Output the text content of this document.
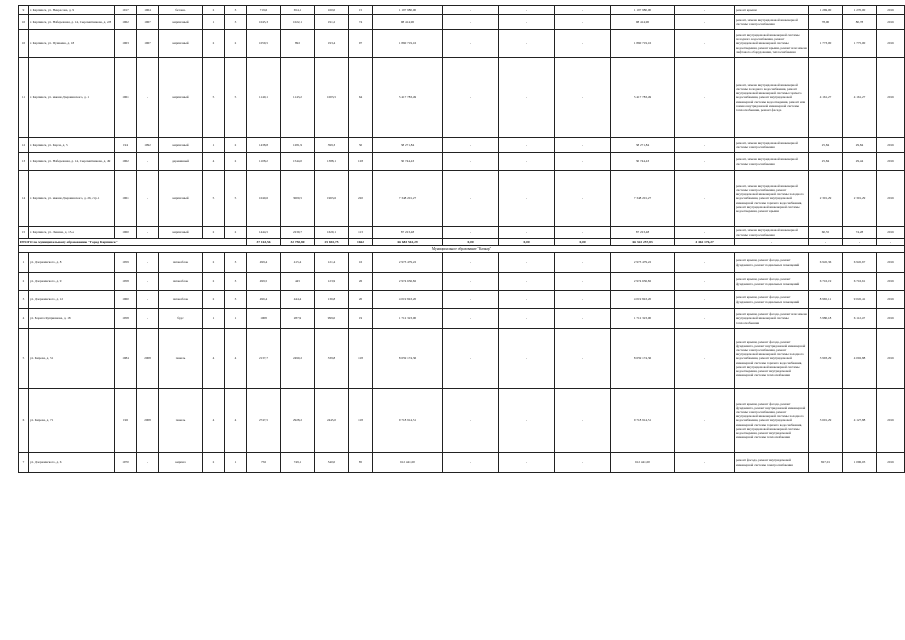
9	г. Карпинск, ул. Некрасова, д. 9	1917	1964	бетонн.	2	3	719,6	654,1	160,0	15	1 197 980,00	-	-	-	1 197 980,00	-	ремонт крыши	1 269,00	1 270,00	2016
10	г. Карпинск, ул. Набережная, д. 14, Сыромятникова, д. 2/8	1962	1967	кирпичный	1	3	1045,3	1022,1	191,2	74	98 414,90	-	-	-	98 414,90	-	ремонт, замена внутридомовой инженерной системы электроснабжения	78,00	80,78	2016
10	г. Карпинск, ул. Пушкина, д. 18	1963	1967	кирпичный	2	2	1059,5	892	193,4	97	1 860 719,16	-	-	-	1 860 719,16	-	ремонт внутридомовой инженерной системы холодного водоснабжения, ремонт внутридомовой инженерной системы водоотведения, ремонт крыши, ремонт или замена лифтового оборудования, теплоснабжения	1 773,00	1 775,00	2016
11	г. Карпинск, ул. имени Дзержинского, д. 1	1961	-	кирпичный	5	5	1140,1	1143,2	1003,5	64	5 417 783,49	-	-	-	5 417 783,49	-	ремонт, замена внутридомовой инженерной системы холодного водоснабжения, ремонт внутридомовой инженерной системы горячего водоснабжения, ремонт внутридомовой инженерной системы водоотведения, ремонт или замена внутридомовой инженерной системы теплоснабжения, ремонт фасада	4 161,27	4 161,27	2016
12	г. Карпинск, ул. Карла, д. 5	194	1992	кирпичный	1	2	1438,8	1281,9	399,3	50	38 271,84	-	-	-	38 271,84	-	ремонт, замена внутридомовой инженерной системы электроснабжения	25,84	29,84	2016
13	г. Карпинск, ул. Набережная, д. 14, Сыромятникова, д. 49	1962	-	деревянный	4	2	1108,2	1544,0	1388,1	128	30 744,43	-	-	-	30 744,43	-	ремонт, замена внутридомовой инженерной системы электроснабжения	25,84	29,44	2016
14	г. Карпинск, ул. имени Дзержинского, д. 26, стр.1	1961	-	кирпичный	5	5	1040,6	3000,5	1963,6	220	7 348 201,27	-	-	-	7 348 201,27	-	ремонт, замена внутридомовой инженерной системы электроснабжения, ремонт внутридомовой инженерной системы холодного водоснабжения, ремонт внутридомовой инженерной системы горячего водоснабжения, ремонт внутридомовой инженерной системы водоотведения, ремонт крыши	2 301,29	2 301,29	2016
15	г. Карпинск, ул. Ленина, д. 15-а	1960	-	кирпичный	2	2	1444,5	2239,7	1629,1	113	87 223,48	-	-	-	87 223,48	-	ремонт, замена внутридомовой инженерной системы электроснабжения	60,55	74,28	2016
ИТОГО по муниципальному образованию "Город Карпинск"							37 163,56	32 750,80	25 692,75	1662	66 683 561,29	0,00	0,00	0,00	66 322 257,83	4 462 176,27	-	-	-	-
Муниципальное образование "Качкар"																				
1	ул. Дзержинского, д. 8	1959	-	шлакоблок	2	3	499,4	415,4	121,4	16	2 973 479,22	-	-	-	2 973 479,22	-	ремонт крыши, ремонт фасада, ремонт фундамента, ремонт подвальных помещений	6 945,36	6 945,67	2016
2	ул. Дзержинского, д. 9	1958	-	шлакоблок	2	3	499,5	445	123,9	26	2 974 636,82	-	-	-	2 974 636,82	-	ремонт крыши, ремонт фасада, ремонт фундамента, ремонт подвальных помещений	6 716,19	6 716,61	2016
3	ул. Дзержинского, д. 12	1960	-	шлакоблок	2	3	496,4	444,4	136,8	20	4 019 843,20	-	-	-	4 019 843,20	-	ремонт крыши, ремонт фасада, ремонт фундамента, ремонт подвальных помещений	8 965,11	9 045,41	2016
4	ул. Бориса Куприянова, д. 18	1958	-	брус	1	1	1008	287,9	999,0	19	1 712 323,00	-	-	-	1 712 323,00	-	ремонт крыши, ремонт фасада, ремонт или замена внутридомовой инженерной системы теплоснабжения	5 980,18	6 112,47	2016
5	ул. Кирова, д. 51	1984	2008	панель	4	4	2137,7	2490,2	339,8	118	8 659 174,36	-	-	-	8 659 174,36	-	ремонт крыши, ремонт фасада, ремонт фундамента, ремонт внутридомовой инженерной системы электроснабжения, ремонт внутридомовой инженерной системы холодного водоснабжения, ремонт внутридомовой инженерной системы горячего водоснабжения, ремонт внутридомовой инженерной системы водоотведения, ремонт внутридомовой инженерной системы теплоснабжения	3 993,29	4 002,88	2016
6	ул. Кирова, д. 71	196	2008	панель	4	4	2747,5	2928,2	2445,0	118	9 718 914,51	-	-	-	9 718 914,51	-	ремонт крыши, ремонт фасада, ремонт фундамента, ремонт внутридомовой инженерной системы электроснабжения, ремонт внутридомовой инженерной системы холодного водоснабжения, ремонт внутридомовой инженерной системы горячего водоснабжения, ремонт внутридомовой инженерной системы водоотведения, ремонт внутридомовой инженерной системы теплоснабжения	3 601,29	4 127,88	2016
7	ул. Дзержинского, д. 6	1970	-	кирпич	2	1	756	749,1	540,0	85	612 441,00	-	-	-	612 441,00	-	ремонт фасада, ремонт внутридомовой инженерной системы электроснабжения	827,01	1 096,03	2016
